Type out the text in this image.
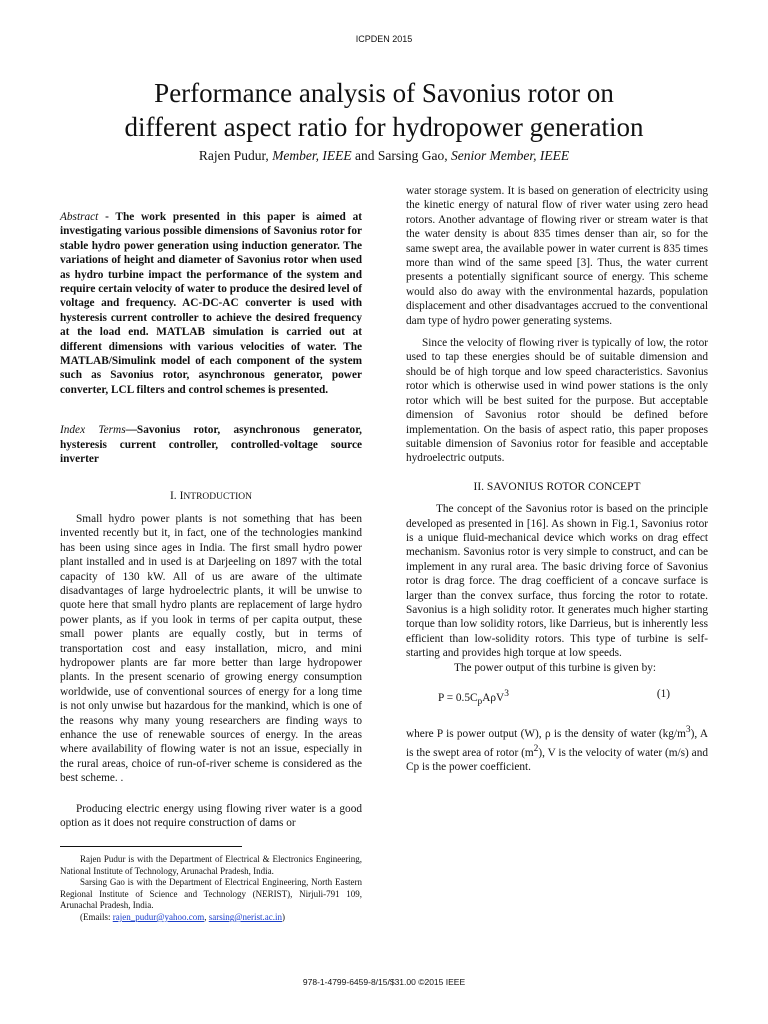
ICPDEN 2015
Performance analysis of Savonius rotor on
different aspect ratio for hydropower generation
Rajen Pudur, Member, IEEE and Sarsing Gao, Senior Member, IEEE

Abstract - The work presented in this paper is aimed at investigating various possible dimensions of Savonius rotor for stable hydro power generation using induction generator. The variations of height and diameter of Savonius rotor when used as hydro turbine impact the performance of the system and require certain velocity of water to produce the desired level of voltage and frequency. AC-DC-AC converter is used with hysteresis current controller to achieve the desired frequency at the load end. MATLAB simulation is carried out at different dimensions with various velocities of water. The MATLAB/Simulink model of each component of the system such as Savonius rotor, asynchronous generator, power converter, LCL filters and control schemes is presented.

Index Terms—Savonius rotor, asynchronous generator, hysteresis current controller, controlled-voltage source inverter

I. INTRODUCTION

Small hydro power plants is not something that has been invented recently but it, in fact, one of the technologies mankind has been using since ages in India. The first small hydro power plant installed and in used is at Darjeeling on 1897 with the total capacity of 130 kW. All of us are aware of the ultimate disadvantages of large hydroelectric plants, it will be unwise to quote here that small hydro plants are replacement of large hydro power plants, as if you look in terms of per capita output, these small power plants are equally costly, but in terms of transportation cost and easy installation, micro, and mini hydropower plants are far more better than large hydropower plants. In the present scenario of growing energy consumption worldwide, use of conventional sources of energy for a long time is not only unwise but hazardous for the mankind, which is one of the reasons why many young researchers are finding ways to enhance the use of renewable sources of energy. In the areas where availability of flowing water is not an issue, especially in the rural areas, choice of run-of-river scheme is considered as the best scheme. .

Producing electric energy using flowing river water is a good option as it does not require construction of dams or

water storage system. It is based on generation of electricity using the kinetic energy of natural flow of river water using zero head rotors. Another advantage of flowing river or stream water is that the water density is about 835 times denser than air, so for the same swept area, the available power in water current is 835 times more than wind of the same speed [3]. Thus, the water current presents a potentially significant source of energy. This scheme would also do away with the environmental hazards, population displacement and other disadvantages accrued to the conventional dam type of hydro power generating systems.

Since the velocity of flowing river is typically of low, the rotor used to tap these energies should be of suitable dimension and should be of high torque and low speed characteristics. Savonius rotor which is otherwise used in wind power stations is the only rotor which will be best suited for the purpose. But acceptable dimension of Savonius rotor should be defined before implementation. On the basis of aspect ratio, this paper proposes suitable dimension of Savonius rotor for feasible and acceptable hydroelectric outputs.

II. SAVONIUS ROTOR CONCEPT

The concept of the Savonius rotor is based on the principle developed as presented in [16]. As shown in Fig.1, Savonius rotor is a unique fluid-mechanical device which works on drag effect mechanism. Savonius rotor is very simple to construct, and can be implement in any rural area. The basic driving force of Savonius rotor is drag force. The drag coefficient of a concave surface is larger than the convex surface, thus forcing the rotor to rotate. Savonius is a high solidity rotor. It generates much higher starting torque than low solidity rotors, like Darrieus, but is inherently less efficient than low-solidity rotors. This type of turbine is self-starting and provides high torque at low speeds.

The power output of this turbine is given by:

$P = 0.5C_pA\rho V^3$	(1)

where P is power output (W), ρ is the density of water $(kg/m^3)$, A is the swept area of rotor $(m^2)$, V is the velocity of water (m/s) and Cp is the power coefficient.

Rajen Pudur is with the Department of Electrical & Electronics Engineering, National Institute of Technology, Arunachal Pradesh, India.

Sarsing Gao is with the Department of Electrical Engineering, North Eastern Regional Institute of Science and Technology (NERIST), Nirjuli-791 109, Arunachal Pradesh, India.

(Emails: rajen_pudur@yahoo.com, sarsing@nerist.ac.in)

978-1-4799-6459-8/15/$31.00 ©2015 IEEE
